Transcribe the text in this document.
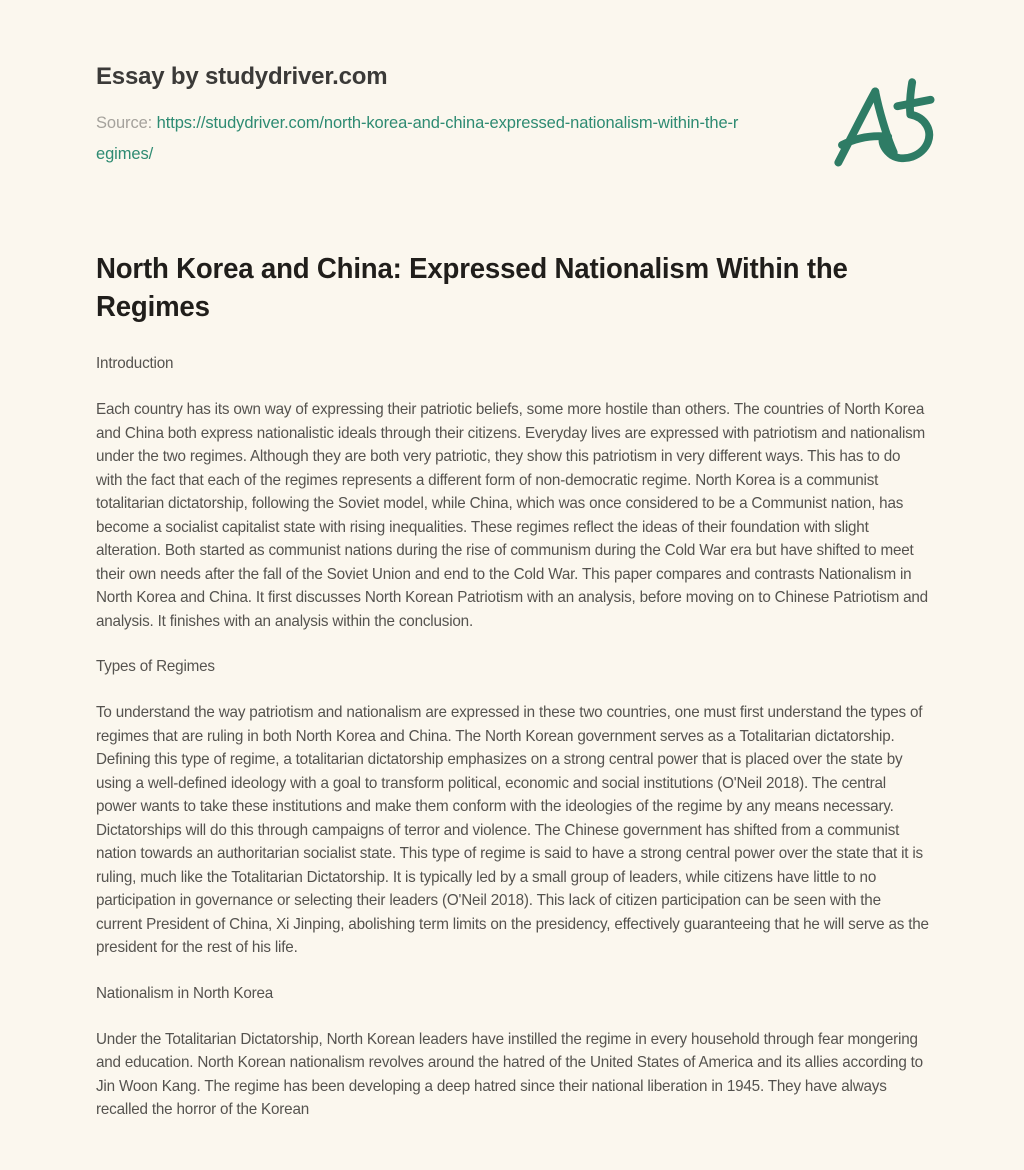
Essay by studydriver.com

Source: https://studydriver.com/north-korea-and-china-expressed-nationalism-within-the-regimes/

North Korea and China: Expressed Nationalism Within the Regimes
Introduction

Each country has its own way of expressing their patriotic beliefs, some more hostile than others. The countries of North Korea and China both express nationalistic ideals through their citizens. Everyday lives are expressed with patriotism and nationalism under the two regimes. Although they are both very patriotic, they show this patriotism in very different ways. This has to do with the fact that each of the regimes represents a different form of non-democratic regime. North Korea is a communist totalitarian dictatorship, following the Soviet model, while China, which was once considered to be a Communist nation, has become a socialist capitalist state with rising inequalities. These regimes reflect the ideas of their foundation with slight alteration. Both started as communist nations during the rise of communism during the Cold War era but have shifted to meet their own needs after the fall of the Soviet Union and end to the Cold War. This paper compares and contrasts Nationalism in North Korea and China. It first discusses North Korean Patriotism with an analysis, before moving on to Chinese Patriotism and analysis. It finishes with an analysis within the conclusion.

Types of Regimes

To understand the way patriotism and nationalism are expressed in these two countries, one must first understand the types of regimes that are ruling in both North Korea and China. The North Korean government serves as a Totalitarian dictatorship. Defining this type of regime, a totalitarian dictatorship emphasizes on a strong central power that is placed over the state by using a well-defined ideology with a goal to transform political, economic and social institutions (O'Neil 2018). The central power wants to take these institutions and make them conform with the ideologies of the regime by any means necessary. Dictatorships will do this through campaigns of terror and violence. The Chinese government has shifted from a communist nation towards an authoritarian socialist state. This type of regime is said to have a strong central power over the state that it is ruling, much like the Totalitarian Dictatorship. It is typically led by a small group of leaders, while citizens have little to no participation in governance or selecting their leaders (O'Neil 2018). This lack of citizen participation can be seen with the current President of China, Xi Jinping, abolishing term limits on the presidency, effectively guaranteeing that he will serve as the president for the rest of his life.

Nationalism in North Korea

Under the Totalitarian Dictatorship, North Korean leaders have instilled the regime in every household through fear mongering and education. North Korean nationalism revolves around the hatred of the United States of America and its allies according to Jin Woon Kang. The regime has been developing a deep hatred since their national liberation in 1945. They have always recalled the horror of the Korean
